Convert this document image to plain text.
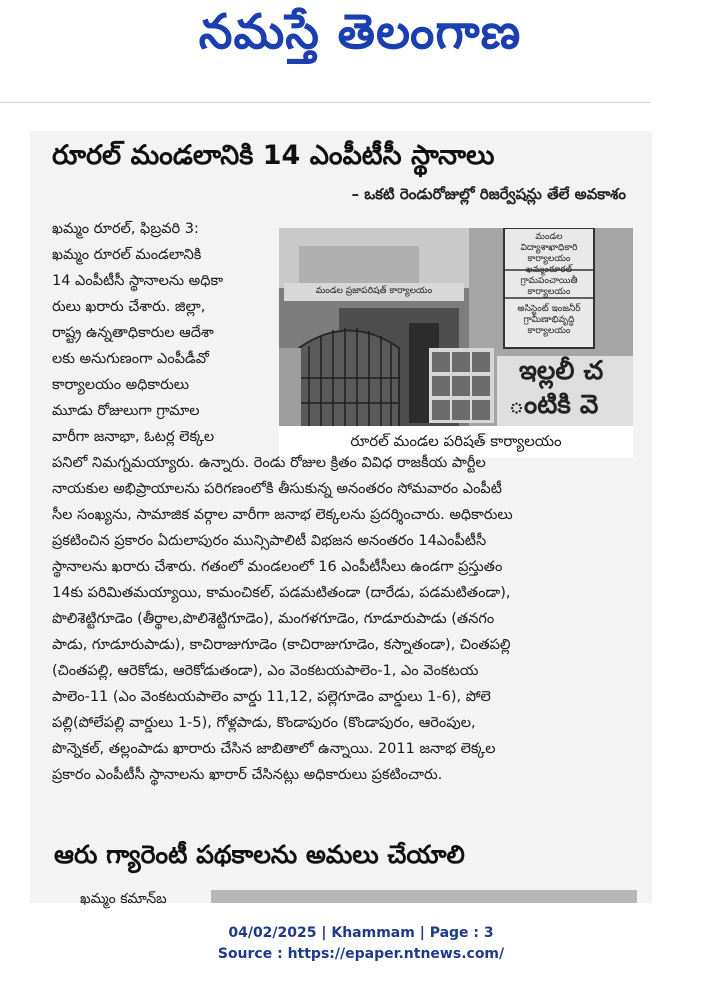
నమస్తే తెలంగాణ
రూరల్ మండలానికి 14 ఎంపీటీసీ స్థానాలు
– ఒకటి రెండురోజుల్లో రిజర్వేషన్లు తేలే అవకాశం
మండల ప్రజాపరిషత్ కార్యాలయం
మండల విద్యాశాఖాధికారి కార్యాలయం ఖమ్మంరూరల్
గ్రామపంచాయితీ కార్యాలయం
అసిస్టెంట్ ఇంజనీర్ గ్రామీణాభివృద్ధి కార్యాలయం
ఇల్లలీ చ
ంటికి వె
రూరల్ మండల పరిషత్ కార్యాలయం
ఖమ్మం రూరల్, ఫిబ్రవరి 3:
ఖమ్మం రూరల్ మండలానికి
14 ఎంపీటీసీ స్థానాలను అధికా
రులు ఖరారు చేశారు. జిల్లా,
రాష్ట్ర ఉన్నతాధికారుల ఆదేశా
లకు అనుగుణంగా ఎంపీడీవో
కార్యాలయం అధికారులు
మూడు రోజులుగా గ్రామాల
వారీగా జనాభా, ఓటర్ల లెక్కల
పనిలో నిమగ్నమయ్యారు. ఉన్నారు. రెండు రోజుల క్రితం వివిధ రాజకీయ పార్టీల
నాయకుల అభిప్రాయాలను పరిగణంలోకి తీసుకున్న అనంతరం సోమవారం ఎంపీటీ
సీల సంఖ్యను, సామాజిక వర్గాల వారీగా జనాభ లెక్కలను ప్రదర్శించారు. అధికారులు
ప్రకటించిన ప్రకారం ఏదులాపురం మున్సిపాలిటీ విభజన అనంతరం 14ఎంపీటీసీ
స్థానాలను ఖరారు చేశారు. గతంలో మండలంలో 16 ఎంపీటీసీలు ఉండగా ప్రస్తుతం
14కు పరిమితమయ్యాయి, కామంచికల్, పడమటితండా (దారేడు, పడమటితండా),
పొలిశెట్టిగూడెం (తీర్థాల,పొలిశెట్టిగూడెం), మంగళగూడెం, గూడూరుపాడు (తనగం
పాడు, గూడూరుపాడు), కాచిరాజుగూడెం (కాచిరాజుగూడెం, కస్నాతండా), చింతపల్లి
(చింతపల్లి, ఆరెకోడు, ఆరెకోడుతండా), ఎం వెంకటయపాలెం-1, ఎం వెంకటయ
పాలెం-11 (ఎం వెంకటయపాలెం వార్డు 11,12, పల్లెగూడెం వార్డులు 1-6), పోలె
పల్లి(పోలేపల్లి వార్డులు 1-5), గోళ్లపాడు, కొండాపురం (కొండాపురం, ఆరెంపుల,
పొన్నెకల్, తల్లంపాడు ఖారారు చేసిన జాబితాలో ఉన్నాయి. 2011 జనాభ లెక్కల
ప్రకారం ఎంపీటీసీ స్థానాలను ఖారార్ చేసినట్లు అధికారులు ప్రకటించారు.
ఆరు గ్యారెంటీ పథకాలను అమలు చేయాలి
ఖమ్మం కమాన్‌బ
04/02/2025 | Khammam | Page : 3
Source : https://epaper.ntnews.com/
